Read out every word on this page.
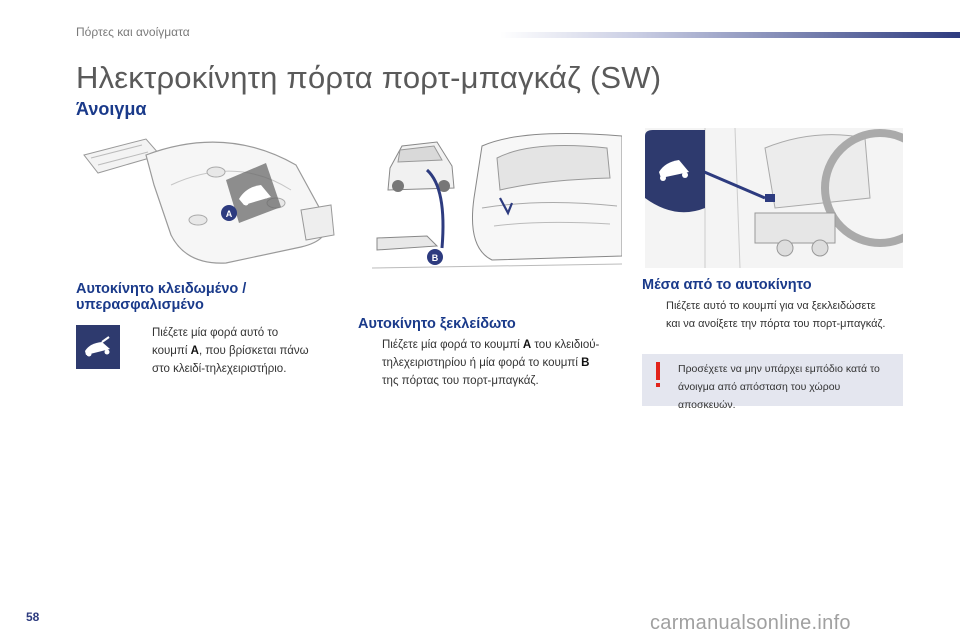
Πόρτες και ανοίγματα
Ηλεκτροκίνητη πόρτα πορτ-μπαγκάζ (SW)
Άνοιγμα
A
B
Αυτοκίνητο κλειδωμένο / υπερασφαλισμένο
Πιέζετε μία φορά αυτό το
κουμπί A, που βρίσκεται πάνω
στο κλειδί-τηλεχειριστήριο.
Αυτοκίνητο ξεκλείδωτο
Πιέζετε μία φορά το κουμπί A του κλειδιού-
τηλεχειριστηρίου ή μία φορά το κουμπί B
της πόρτας του πορτ-μπαγκάζ.
Μέσα από το αυτοκίνητο
Πιέζετε αυτό το κουμπί για να ξεκλειδώσετε
και να ανοίξετε την πόρτα του πορτ-μπαγκάζ.
Προσέχετε να μην υπάρχει εμπόδιο κατά το άνοιγμα από απόσταση του χώρου αποσκευών.
58	carmanualsonline.info
